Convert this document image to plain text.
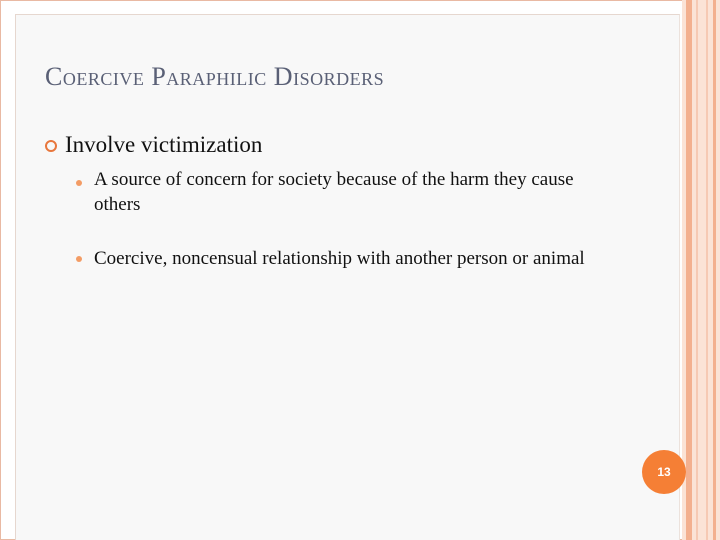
Coercive Paraphilic Disorders
Involve victimization
A source of concern for society because of the harm they cause others
Coercive, noncensual relationship with another person or animal
13
